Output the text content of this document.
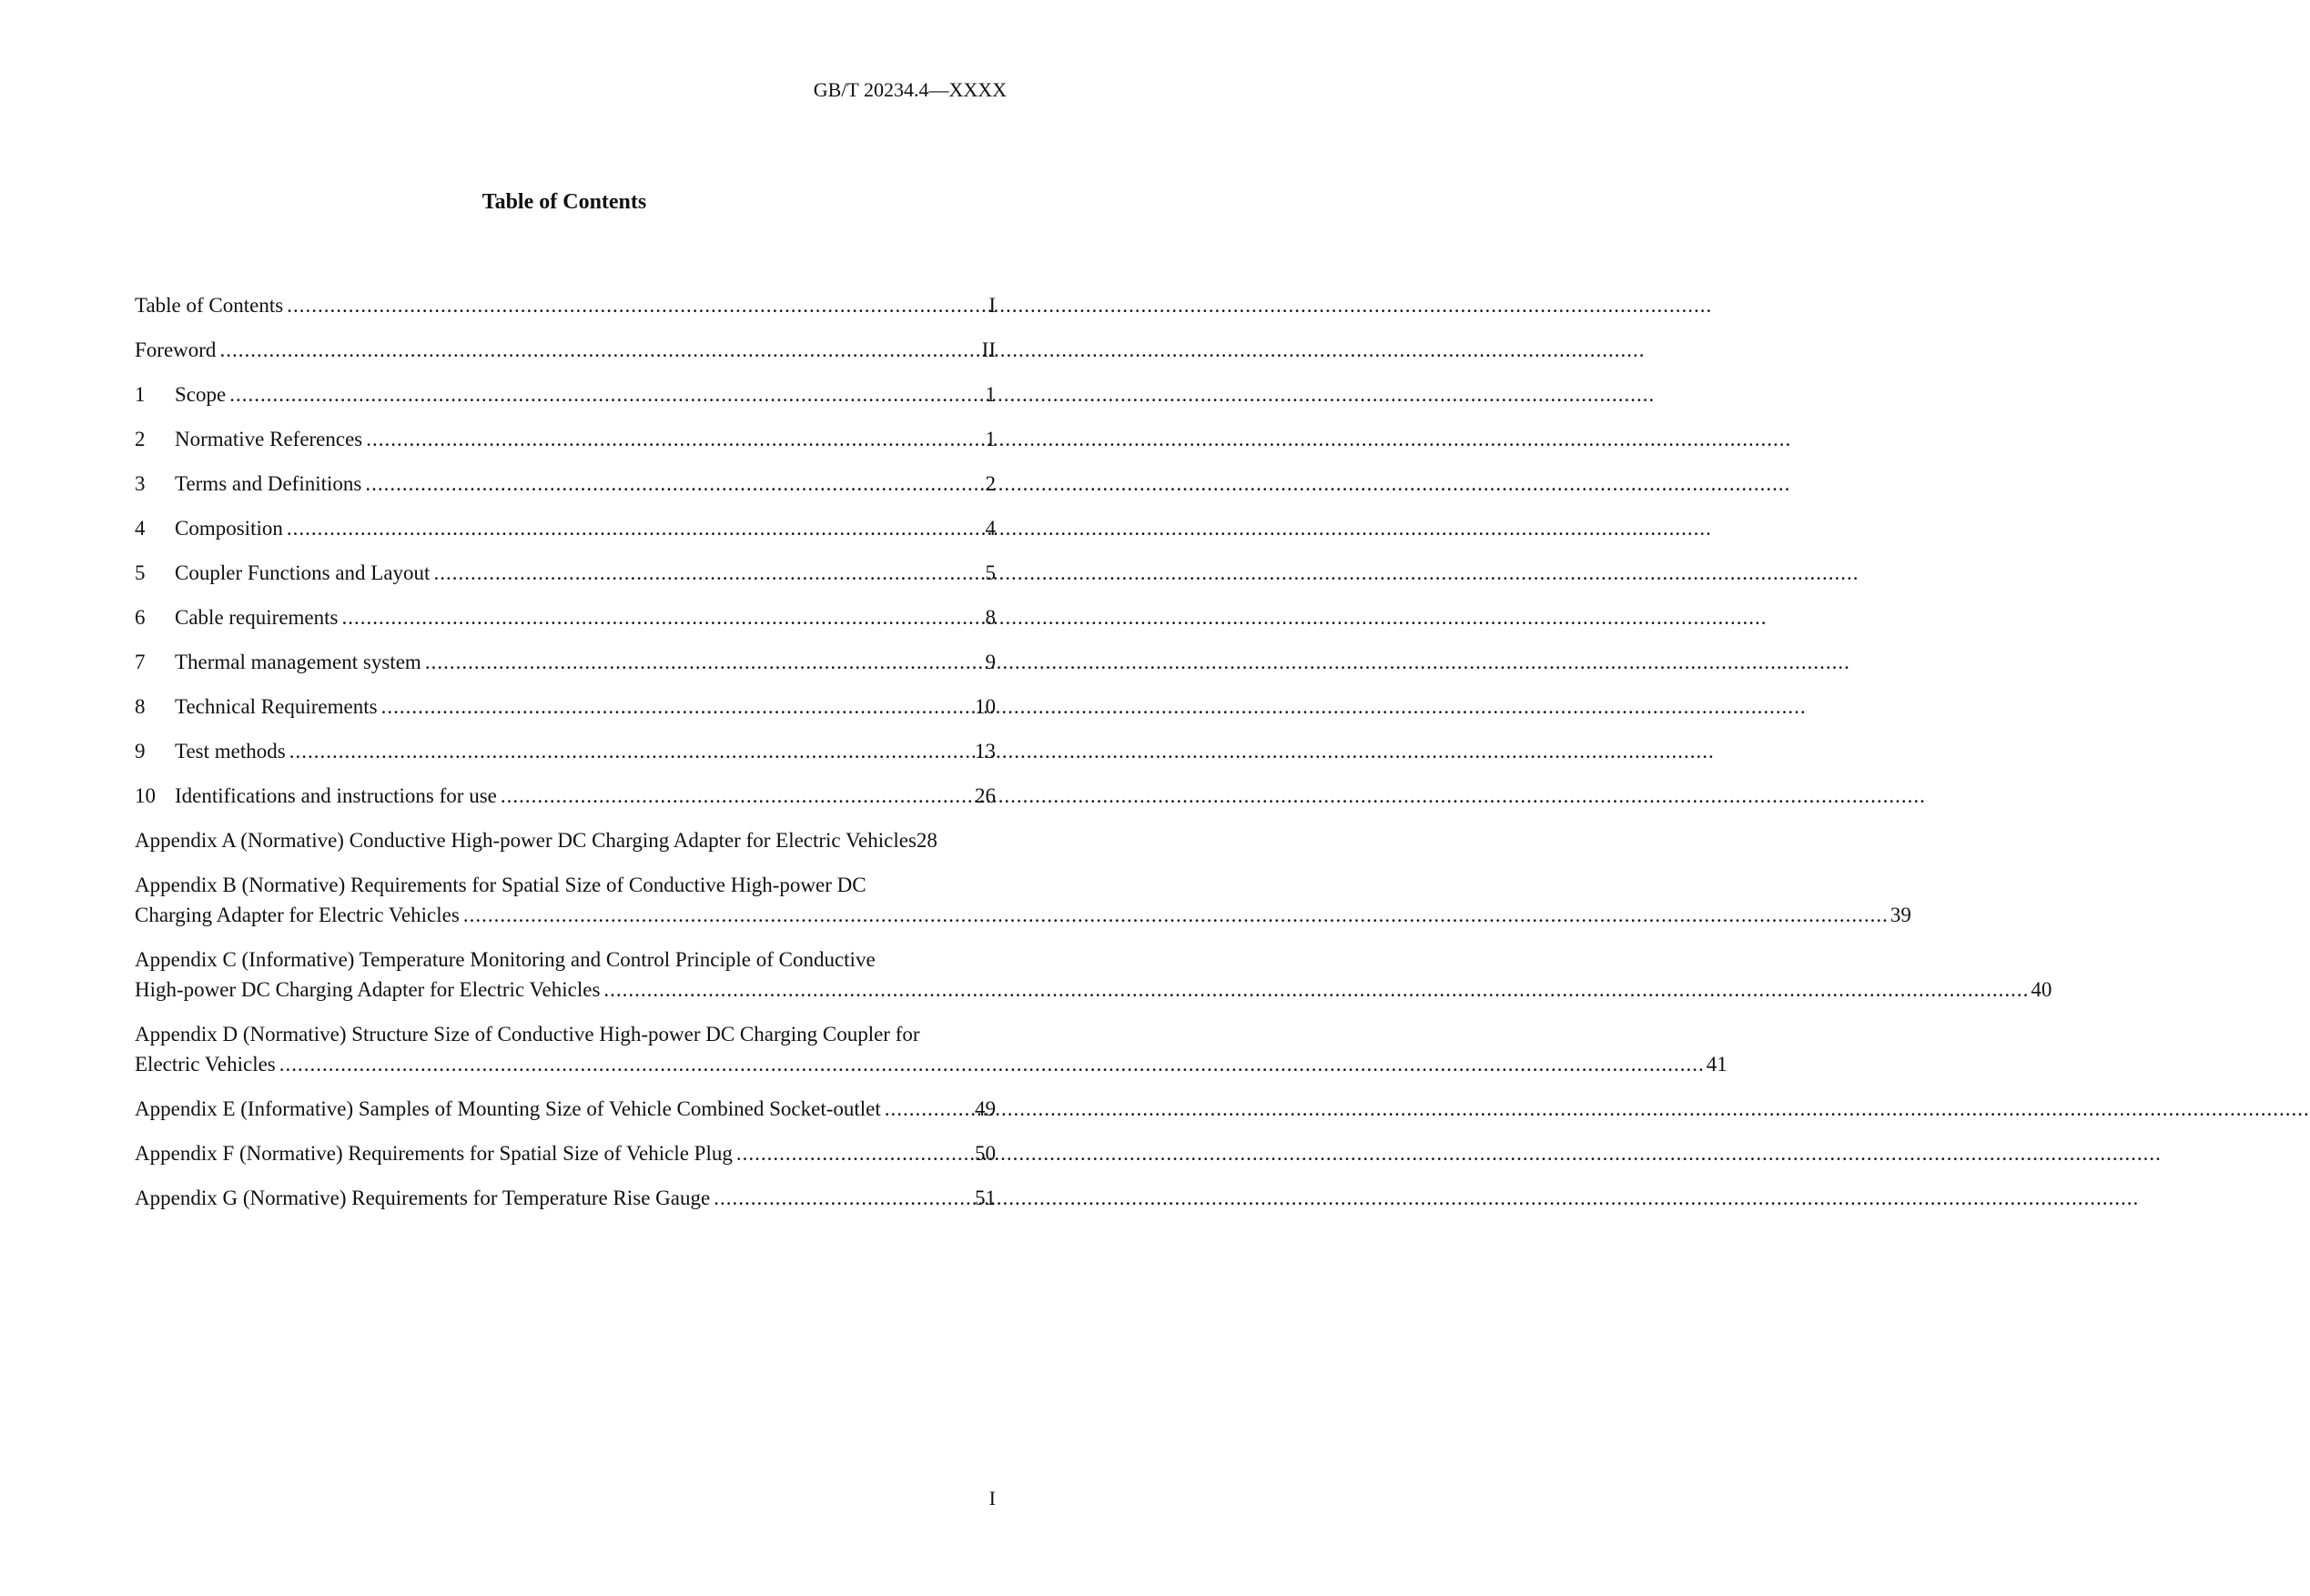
GB/T 20234.4—XXXX
Table of Contents
Table of Contents .....	I
Foreword .....	II
1	Scope .....	1
2	Normative References .....	1
3	Terms and Definitions .....	2
4	Composition .....	4
5	Coupler Functions and Layout .....	5
6	Cable requirements .....	8
7	Thermal management system .....	9
8	Technical Requirements .....	10
9	Test methods .....	13
10 Identifications and instructions for use .....	26
Appendix A (Normative) Conductive High-power DC Charging Adapter for Electric Vehicles 28
Appendix B (Normative) Requirements for Spatial Size of Conductive High-power DC
Charging Adapter for Electric Vehicles .....	39
Appendix C (Informative) Temperature Monitoring and Control Principle of Conductive
High-power DC Charging Adapter for Electric Vehicles .....	40
Appendix D (Normative) Structure Size of Conductive High-power DC Charging Coupler for
Electric Vehicles .....	41
Appendix E (Informative) Samples of Mounting Size of Vehicle Combined Socket-outlet .....	49
Appendix F (Normative) Requirements for Spatial Size of Vehicle Plug .....	50
Appendix G (Normative) Requirements for Temperature Rise Gauge .....	51
I
